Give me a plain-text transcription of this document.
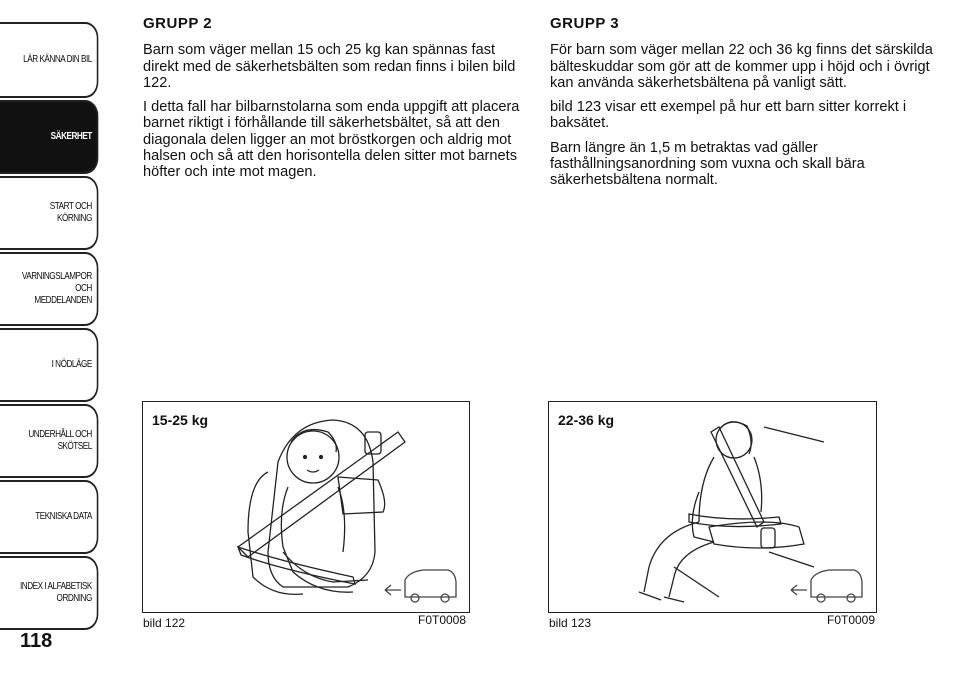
LÄR KÄNNA DIN BIL
SÄKERHET
START OCH
KÖRNING
VARNINGSLAMPOR
OCH
MEDDELANDEN
I NÖDLÄGE
UNDERHÅLL OCH
SKÖTSEL
TEKNISKA DATA
INDEX I ALFABETISK
ORDNING
118
GRUPP 2

Barn som väger mellan 15 och 25 kg kan spännas fast direkt med de säkerhetsbälten som redan finns i bilen bild 122.

I detta fall har bilbarnstolarna som enda uppgift att placera barnet riktigt i förhållande till säkerhetsbältet, så att den diagonala delen ligger an mot bröstkorgen och aldrig mot halsen och så att den horisontella delen sitter mot barnets höfter och inte mot magen.

GRUPP 3

För barn som väger mellan 22 och 36 kg finns det särskilda bälteskuddar som gör att de kommer upp i höjd och i övrigt kan använda säkerhetsbältena på vanligt sätt.

bild 123 visar ett exempel på hur ett barn sitter korrekt i baksätet.

Barn längre än 1,5 m betraktas vad gäller fasthållningsanordning som vuxna och skall bära säkerhetsbältena normalt.

15-25 kg
bild 122	F0T0008
22-36 kg
bild 123	F0T0009
